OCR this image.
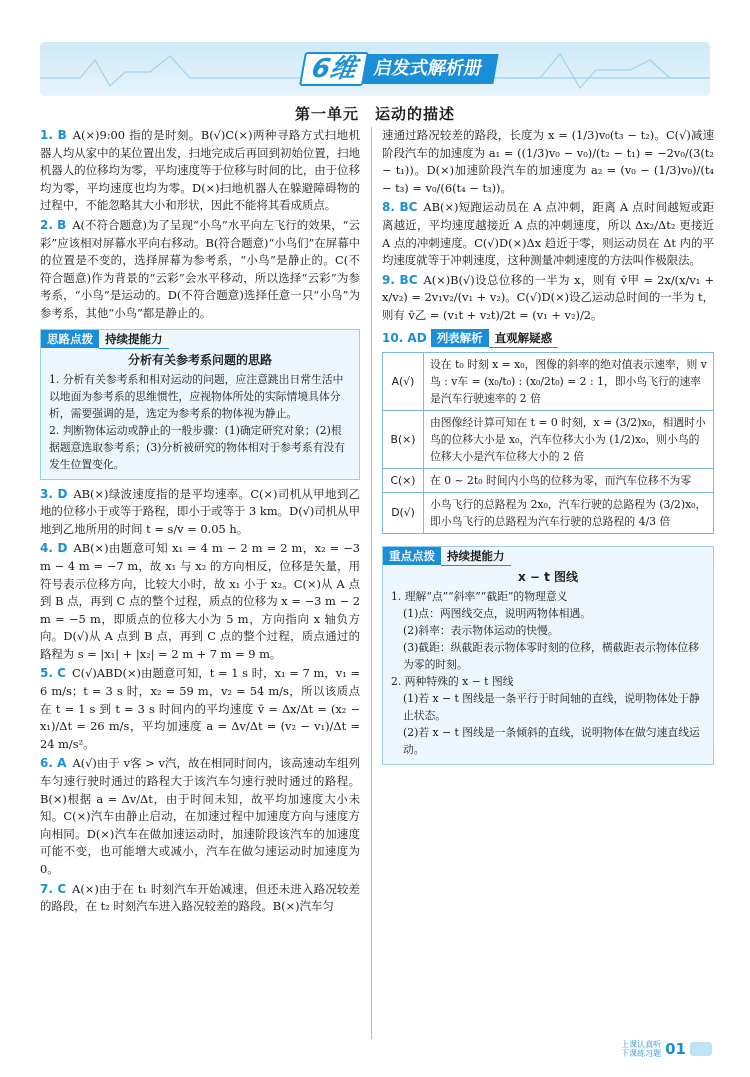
6维 启发式解析册
第一单元　运动的描述

1. B A(×)9:00 指的是时刻。B(√)C(×)两种寻路方式扫地机器人均从家中的某位置出发，扫地完成后再回到初始位置，扫地机器人的位移均为零，平均速度等于位移与时间的比，由于位移均为零，平均速度也均为零。D(×)扫地机器人在躲避障碍物的过程中，不能忽略其大小和形状，因此不能将其看成质点。

2. B A(不符合题意)为了呈现“小鸟”水平向左飞行的效果，“云彩”应该相对屏幕水平向右移动。B(符合题意)“小鸟们”在屏幕中的位置是不变的，选择屏幕为参考系，“小鸟”是静止的。C(不符合题意)作为背景的“云彩”会水平移动，所以选择“云彩”为参考系，“小鸟”是运动的。D(不符合题意)选择任意一只“小鸟”为参考系，其他“小鸟”都是静止的。

思路点拨	持续提能力
分析有关参考系问题的思路
1. 分析有关参考系和相对运动的问题，应注意跳出日常生活中以地面为参考系的思维惯性，应视物体所处的实际情境具体分析，需要强调的是，选定为参考系的物体视为静止。
2. 判断物体运动或静止的一般步骤：(1)确定研究对象；(2)根据题意选取参考系；(3)分析被研究的物体相对于参考系有没有发生位置变化。

3. D AB(×)绿波速度指的是平均速率。C(×)司机从甲地到乙地的位移小于或等于路程，即小于或等于 3 km。D(√)司机从甲地到乙地所用的时间 t = s/v = 0.05 h。

4. D AB(×)由题意可知 x₁ = 4 m − 2 m = 2 m，x₂ = −3 m − 4 m = −7 m，故 x₁ 与 x₂ 的方向相反，位移是矢量，用符号表示位移方向，比较大小时，故 x₁ 小于 x₂。C(×)从 A 点到 B 点，再到 C 点的整个过程，质点的位移为 x = −3 m − 2 m = −5 m，即质点的位移大小为 5 m，方向指向 x 轴负方向。D(√)从 A 点到 B 点，再到 C 点的整个过程，质点通过的路程为 s = |x₁| + |x₂| = 2 m + 7 m = 9 m。

5. C C(√)ABD(×)由题意可知，t = 1 s 时，x₁ = 7 m，v₁ = 6 m/s；t = 3 s 时，x₂ = 59 m，v₂ = 54 m/s，所以该质点在 t = 1 s 到 t = 3 s 时间内的平均速度 v̄ = Δx/Δt = (x₂ − x₁)/Δt = 26 m/s，平均加速度 a = Δv/Δt = (v₂ − v₁)/Δt = 24 m/s²。

6. A A(√)由于 v客 > v汽，故在相同时间内，该高速动车组列车匀速行驶时通过的路程大于该汽车匀速行驶时通过的路程。B(×)根据 a = Δv/Δt，由于时间未知，故平均加速度大小未知。C(×)汽车由静止启动，在加速过程中加速度方向与速度方向相同。D(×)汽车在做加速运动时，加速阶段该汽车的加速度可能不变，也可能增大或减小，汽车在做匀速运动时加速度为 0。

7. C A(×)由于在 t₁ 时刻汽车开始减速，但还未进入路况较差的路段，在 t₂ 时刻汽车进入路况较差的路段。B(×)汽车匀

速通过路况较差的路段，长度为 x = (1/3)v₀(t₃ − t₂)。C(√)减速阶段汽车的加速度为 a₁ = ((1/3)v₀ − v₀)/(t₂ − t₁) = −2v₀/(3(t₂ − t₁))。D(×)加速阶段汽车的加速度为 a₂ = (v₀ − (1/3)v₀)/(t₄ − t₃) = v₀/(6(t₄ − t₃))。

8. BC AB(×)短跑运动员在 A 点冲刺，距离 A 点时间越短或距离越近，平均速度越接近 A 点的冲刺速度，所以 Δx₂/Δt₂ 更接近 A 点的冲刺速度。C(√)D(×)Δx 趋近于零，则运动员在 Δt 内的平均速度就等于冲刺速度，这种测量冲刺速度的方法叫作极限法。

9. BC A(×)B(√)设总位移的一半为 x，则有 v̄甲 = 2x/(x/v₁ + x/v₂) = 2v₁v₂/(v₁ + v₂)。C(√)D(×)设乙运动总时间的一半为 t，则有 v̄乙 = (v₁t + v₂t)/2t = (v₁ + v₂)/2。

10. AD 列表解析	直观解疑惑
A(√)	设在 t₀ 时刻 x = x₀，图像的斜率的绝对值表示速率，则 v鸟 : v车 = (x₀/t₀) : (x₀/2t₀) = 2 : 1，即小鸟飞行的速率是汽车行驶速率的 2 倍
B(×)	由图像经计算可知在 t = 0 时刻，x = (3/2)x₀，相遇时小鸟的位移大小是 x₀，汽车位移大小为 (1/2)x₀，则小鸟的位移大小是汽车位移大小的 2 倍
C(×)	在 0 ~ 2t₀ 时间内小鸟的位移为零，而汽车位移不为零
D(√)	小鸟飞行的总路程为 2x₀，汽车行驶的总路程为 (3/2)x₀，即小鸟飞行的总路程为汽车行驶的总路程的 4/3 倍
重点点拨	持续提能力
x − t 图线
1. 理解“点”“斜率”“截距”的物理意义
(1)点：两图线交点，说明两物体相遇。
(2)斜率：表示物体运动的快慢。
(3)截距：纵截距表示物体零时刻的位移，横截距表示物体位移为零的时刻。
2. 两种特殊的 x − t 图线
(1)若 x − t 图线是一条平行于时间轴的直线，说明物体处于静止状态。
(2)若 x − t 图线是一条倾斜的直线，说明物体在做匀速直线运动。
上课认真听
下课练习题 01
